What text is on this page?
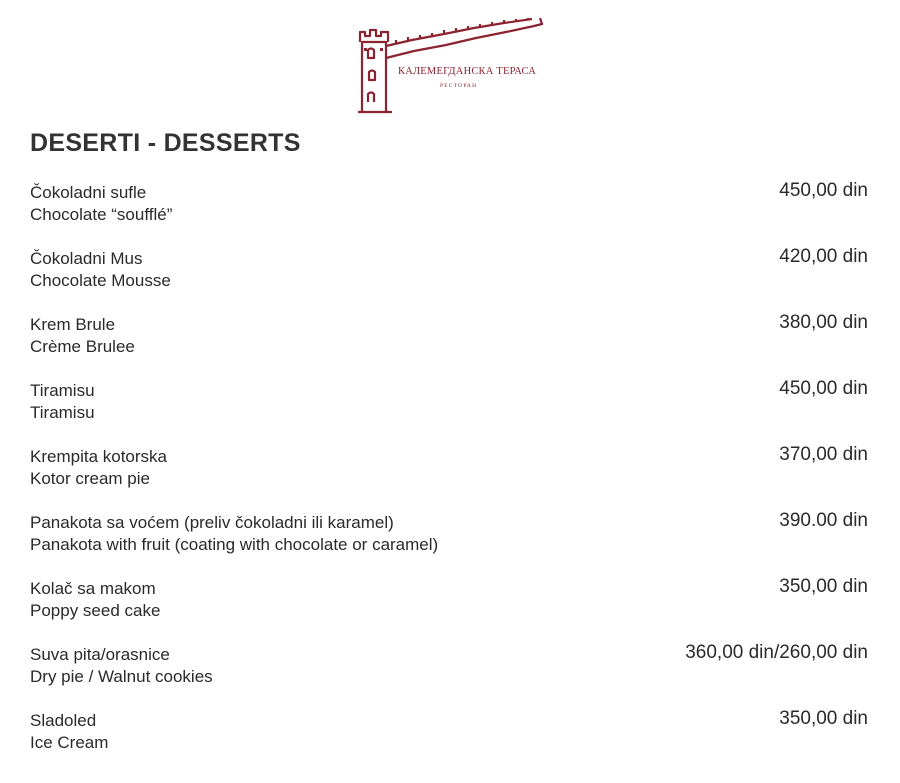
КАЛЕМЕГДАНСКА ТЕРАСА
РЕСТОРАН
DESERTI - DESSERTS
Čokoladni sufle
Chocolate “soufflé”
450,00 din
Čokoladni Mus
Chocolate Mousse
420,00 din
Krem Brule
Crème Brulee
380,00 din
Tiramisu
Tiramisu
450,00 din
Krempita kotorska
Kotor cream pie
370,00 din
Panakota sa voćem (preliv čokoladni ili karamel)
Panakota with fruit (coating with chocolate or caramel)
390.00 din
Kolač sa makom
Poppy seed cake
350,00 din
Suva pita/orasnice
Dry pie / Walnut cookies
360,00 din/260,00 din
Sladoled
Ice Cream
350,00 din
